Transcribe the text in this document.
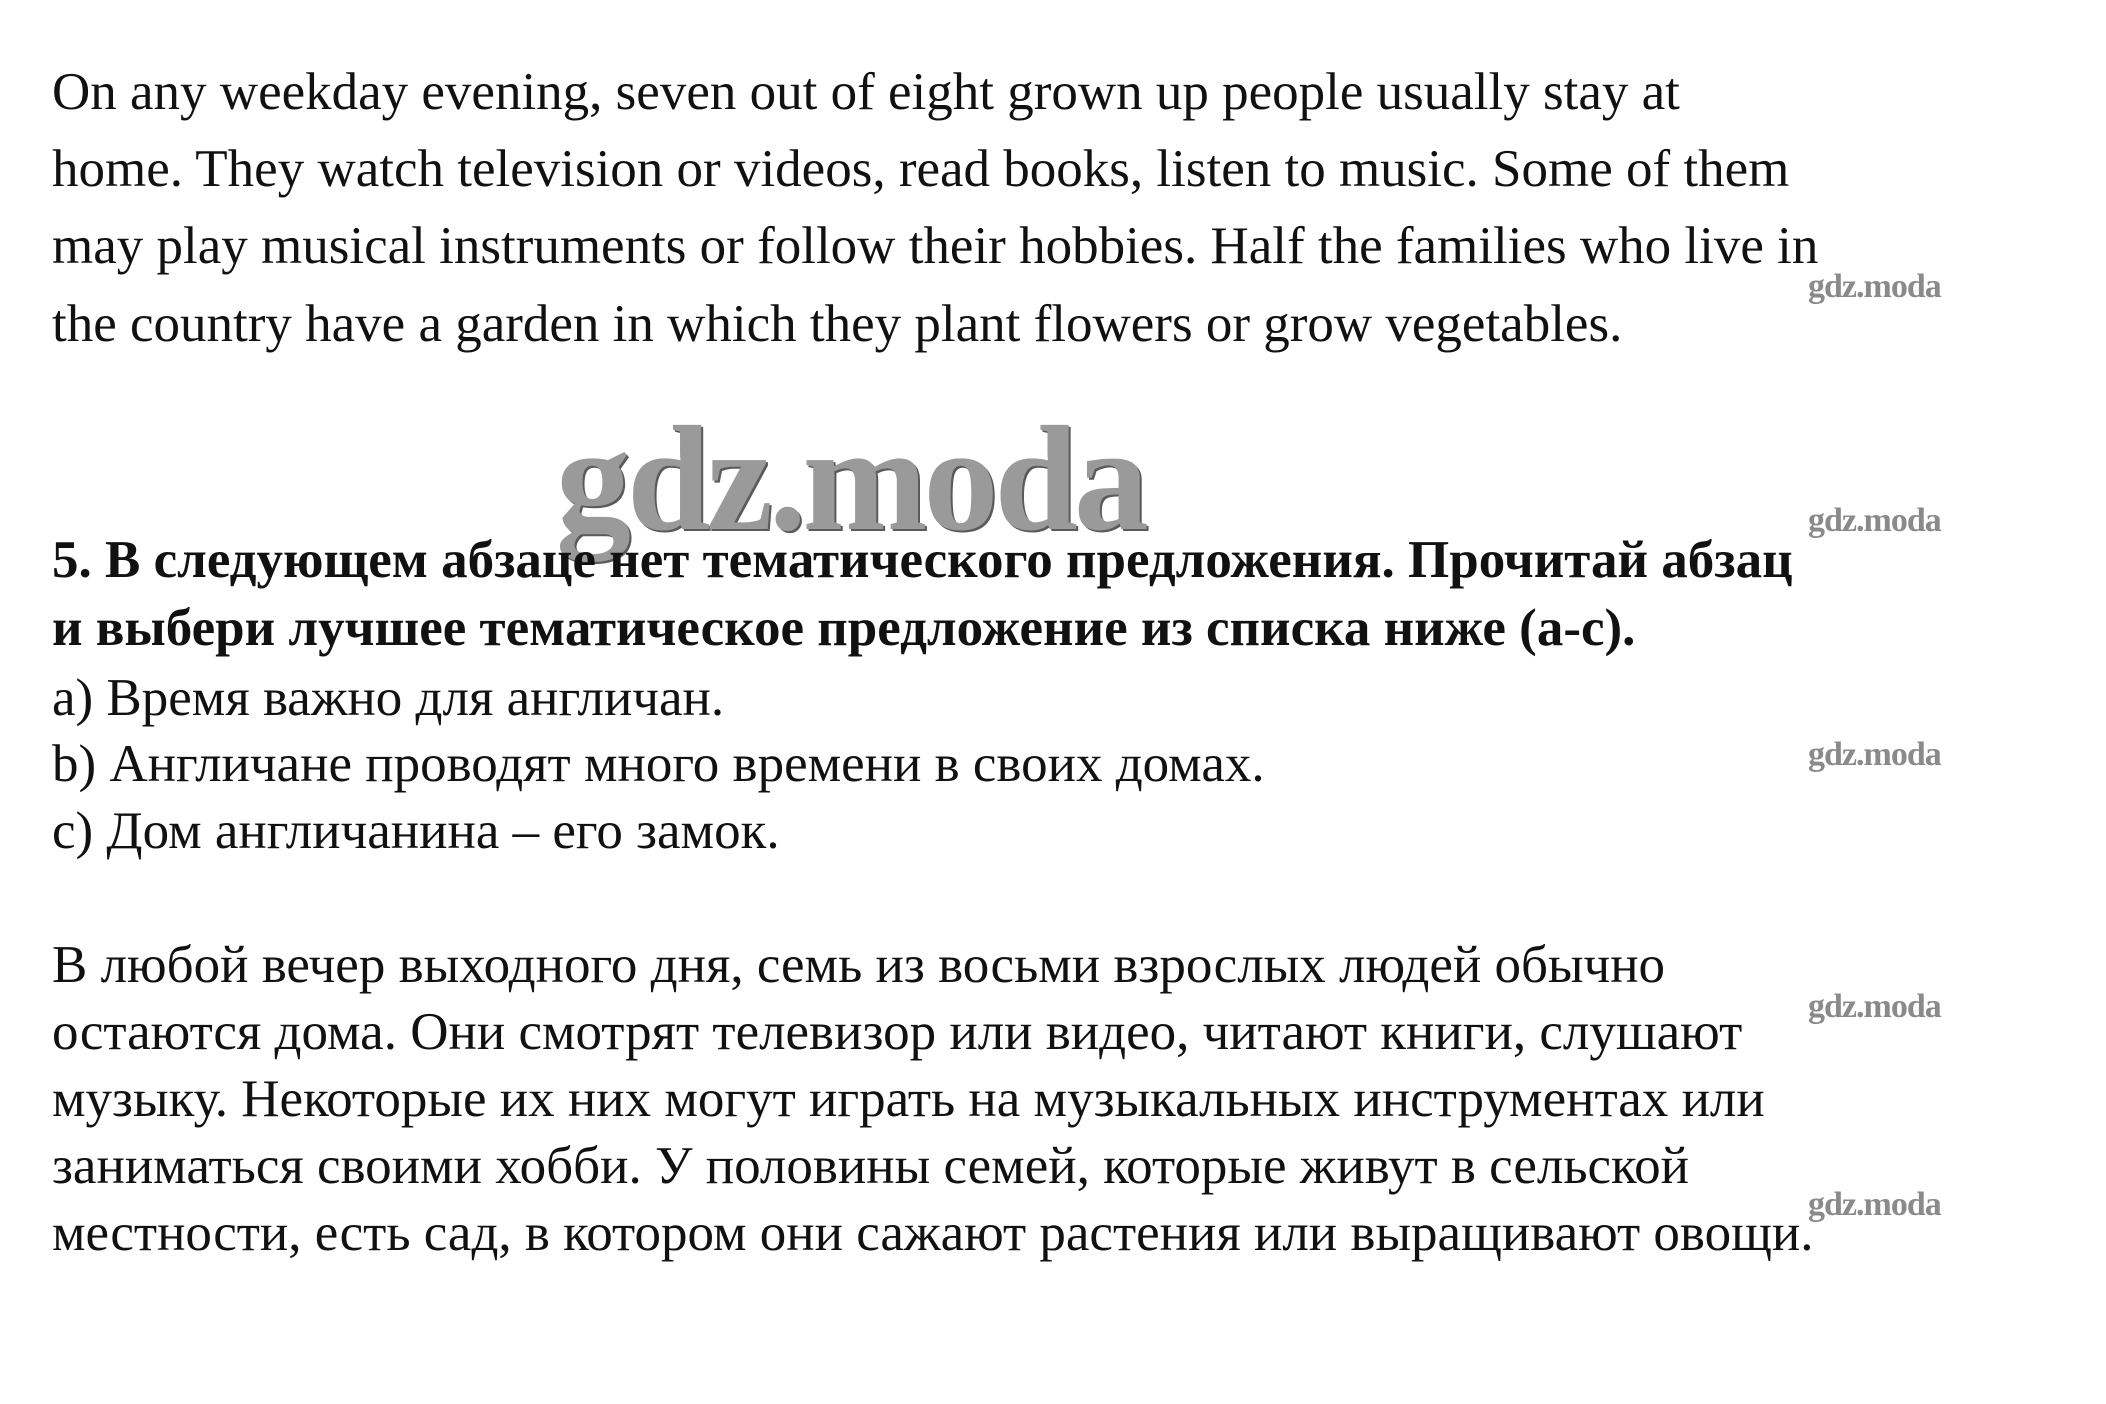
On any weekday evening, seven out of eight grown up people usually stay at
home. They watch television or videos, read books, listen to music. Some of them
may play musical instruments or follow their hobbies. Half the families who live in
the country have a garden in which they plant flowers or grow vegetables.
gdz.moda
5. В следующем абзаце нет тематического предложения. Прочитай абзац
и выбери лучшее тематическое предложение из списка ниже (a-c).
a) Время важно для англичан.
b) Англичане проводят много времени в своих домах.
c) Дом англичанина – его замок.
В любой вечер выходного дня, семь из восьми взрослых людей обычно
остаются дома. Они смотрят телевизор или видео, читают книги, слушают
музыку. Некоторые их них могут играть на музыкальных инструментах или
заниматься своими хобби. У половины семей, которые живут в сельской
местности, есть сад, в котором они сажают растения или выращивают овощи.
gdz.moda
gdz.moda
gdz.moda
gdz.moda
gdz.moda
